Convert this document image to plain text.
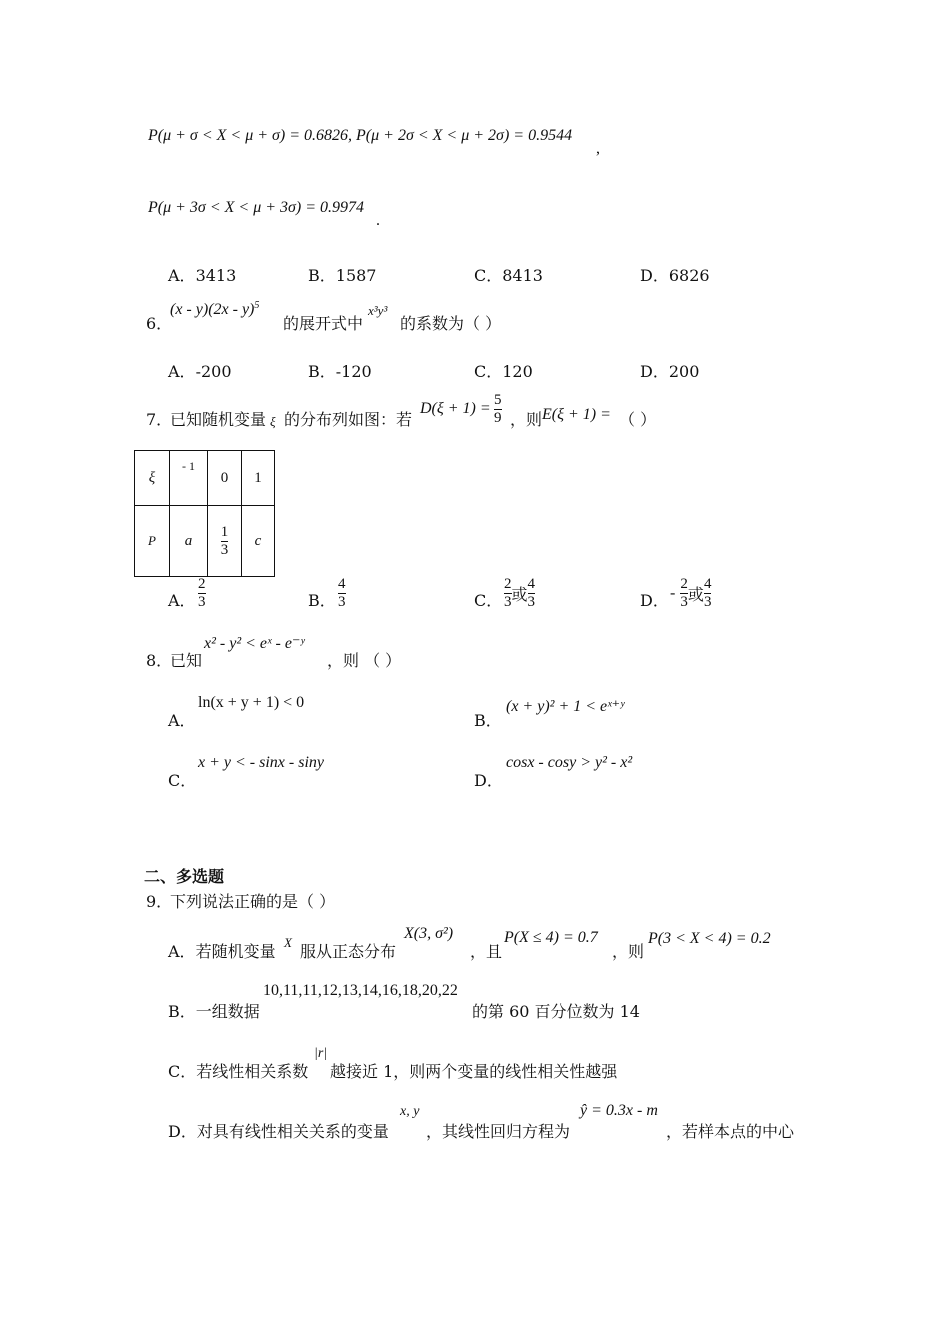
P(μ + σ < X < μ + σ) = 0.6826, P(μ + 2σ < X < μ + 2σ) = 0.9544
,
P(μ + 3σ < X < μ + 3σ) = 0.9974
.
A．3413	B．1587	C．8413	D．6826
6．
(x - y)(2x - y)$^5$
的展开式中
x³y³
的系数为（ ）
A．-200	B．-120	C．120	D．200
7．
已知随机变量 ξ 的分布列如图：若
$D(\xi + 1) = \frac{5}{9}$ ，则 E(ξ + 1) = （ ）
ξ	- 1	0	1
P	a	$\frac{1}{3}$	c
A． $\frac{2}{3}$	B． $\frac{4}{3}$	C． $\frac{2}{3}$ 或 $\frac{4}{3}$	D． - $\frac{2}{3}$ 或 $\frac{4}{3}$
8．
已知
x² - y² < eˣ - e⁻ʸ
，则 （ ）
A．
ln(x + y + 1) < 0
B．
(x + y)² + 1 < eˣ⁺ʸ
C．
x + y < - sinx - siny
D．
cosx - cosy > y² - x²
二、多选题
9．
下列说法正确的是（ ）
A．若随机变量 X 服从正态分布
X(3, σ²)
，且
P(X ≤ 4) = 0.7
，则
P(3 < X < 4) = 0.2
B．一组数据
10,11,11,12,13,14,16,18,20,22
的第 60 百分位数为 14
C．若线性相关系数
|r|
越接近 1，则两个变量的线性相关性越强
D．对具有线性相关关系的变量
x, y
，其线性回归方程为
ŷ = 0.3x - m
，若样本点的中心
